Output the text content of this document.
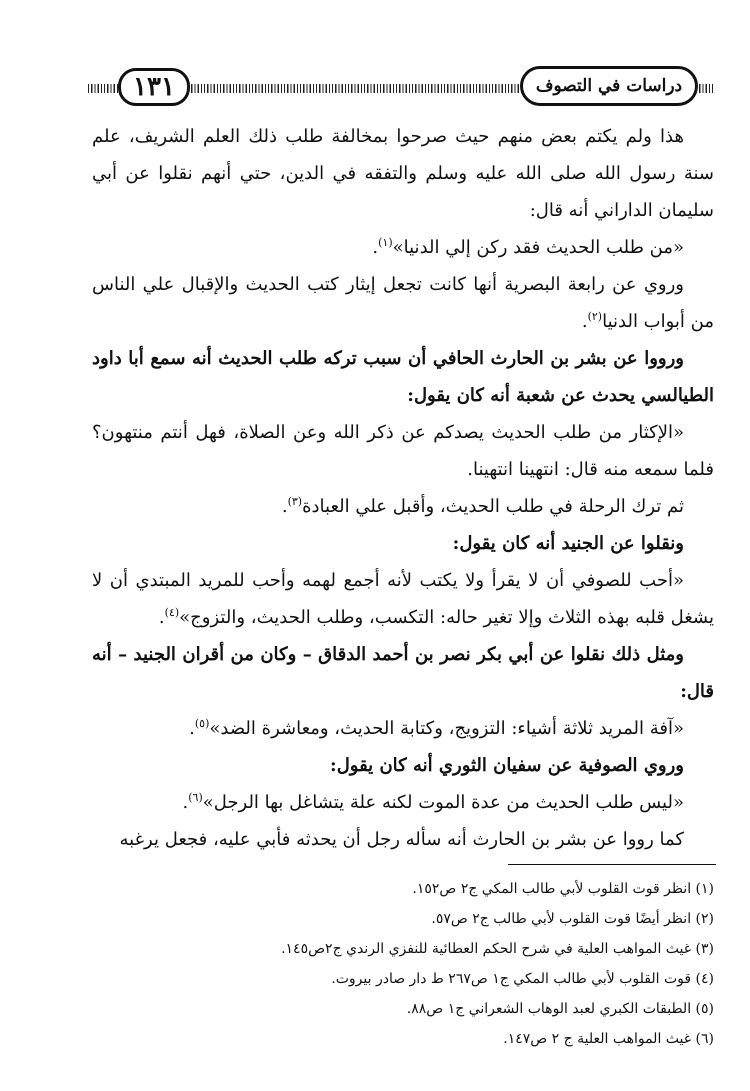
١٣١	دراسات في التصوف

هذا ولم يكتم بعض منهم حيث صرحوا بمخالفة طلب ذلك العلم الشريف، علم سنة رسول الله صلى الله عليه وسلم والتفقه في الدين، حتي أنهم نقلوا عن أبي سليمان الداراني أنه قال:

«من طلب الحديث فقد ركن إلي الدنيا»$^{(١)}$.

وروي عن رابعة البصرية أنها كانت تجعل إيثار كتب الحديث والإقبال علي الناس من أبواب الدنيا$^{(٢)}$.

ورووا عن بشر بن الحارث الحافي أن سبب تركه طلب الحديث أنه سمع أبا داود الطيالسي يحدث عن شعبة أنه كان يقول:

«الإكثار من طلب الحديث يصدكم عن ذكر الله وعن الصلاة، فهل أنتم منتهون؟ فلما سمعه منه قال: انتهينا انتهينا.

ثم ترك الرحلة في طلب الحديث، وأقبل علي العبادة$^{(٣)}$.

ونقلوا عن الجنيد أنه كان يقول:

«أحب للصوفي أن لا يقرأ ولا يكتب لأنه أجمع لهمه وأحب للمريد المبتدي أن لا يشغل قلبه بهذه الثلاث وإلا تغير حاله: التكسب، وطلب الحديث، والتزوج»$^{(٤)}$.

ومثل ذلك نقلوا عن أبي بكر نصر بن أحمد الدقاق – وكان من أقران الجنيد – أنه قال:

«آفة المريد ثلاثة أشياء: التزويج، وكتابة الحديث، ومعاشرة الضد»$^{(٥)}$.

وروي الصوفية عن سفيان الثوري أنه كان يقول:

«ليس طلب الحديث من عدة الموت لكنه علة يتشاغل بها الرجل»$^{(٦)}$.

كما رووا عن بشر بن الحارث أنه سأله رجل أن يحدثه فأبي عليه، فجعل يرغبه

(١) انظر قوت القلوب لأبي طالب المكي ج٢ ص١٥٢.

(٢) انظر أيضًا قوت القلوب لأبي طالب ج٢ ص٥٧.

(٣) غيث المواهب العلية في شرح الحكم العطائية للنفزي الرندي ج٢ص١٤٥.

(٤) قوت القلوب لأبي طالب المكي ج١ ص٢٦٧ ط دار صادر بيروت.

(٥) الطبقات الكبري لعبد الوهاب الشعراني ج١ ص٨٨.

(٦) غيث المواهب العلية ج ٢ ص١٤٧.
